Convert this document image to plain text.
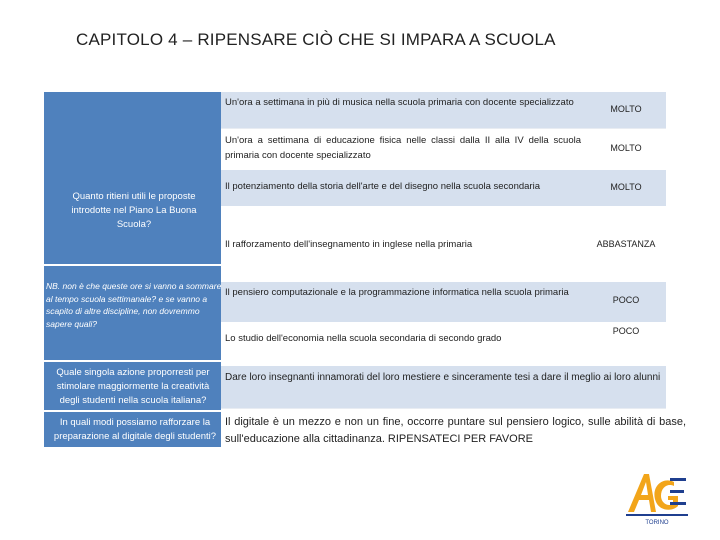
CAPITOLO 4 – RIPENSARE CIÒ CHE SI IMPARA A SCUOLA
Quanto ritieni utili le proposte introdotte nel Piano La Buona Scuola?
NB. non è che queste ore si vanno a sommare al tempo scuola settimanale? e se vanno a scapito di altre discipline, non dovremmo sapere quali?
Quale singola azione proporresti per stimolare maggiormente la creatività degli studenti nella scuola italiana?
In quali modi possiamo rafforzare la preparazione al digitale degli studenti?
Un'ora a settimana in più di musica nella scuola primaria con docente specializzato
MOLTO
Un'ora a settimana di educazione fisica nelle classi dalla II alla IV della scuola primaria con docente specializzato
MOLTO
Il potenziamento della storia dell'arte e del disegno nella scuola secondaria	MOLTO
Il rafforzamento dell'insegnamento in inglese nella primaria	ABBASTANZA
Il pensiero computazionale e la programmazione informatica nella scuola primaria
POCO
Lo studio dell'economia nella scuola secondaria di secondo grado
POCO
Dare loro insegnanti innamorati del loro mestiere e sinceramente tesi a dare il meglio ai loro alunni
Il digitale è un mezzo e non un fine, occorre puntare sul pensiero logico, sulle abilità di base, sull'educazione alla cittadinanza. RIPENSATECI PER FAVORE
TORINO
